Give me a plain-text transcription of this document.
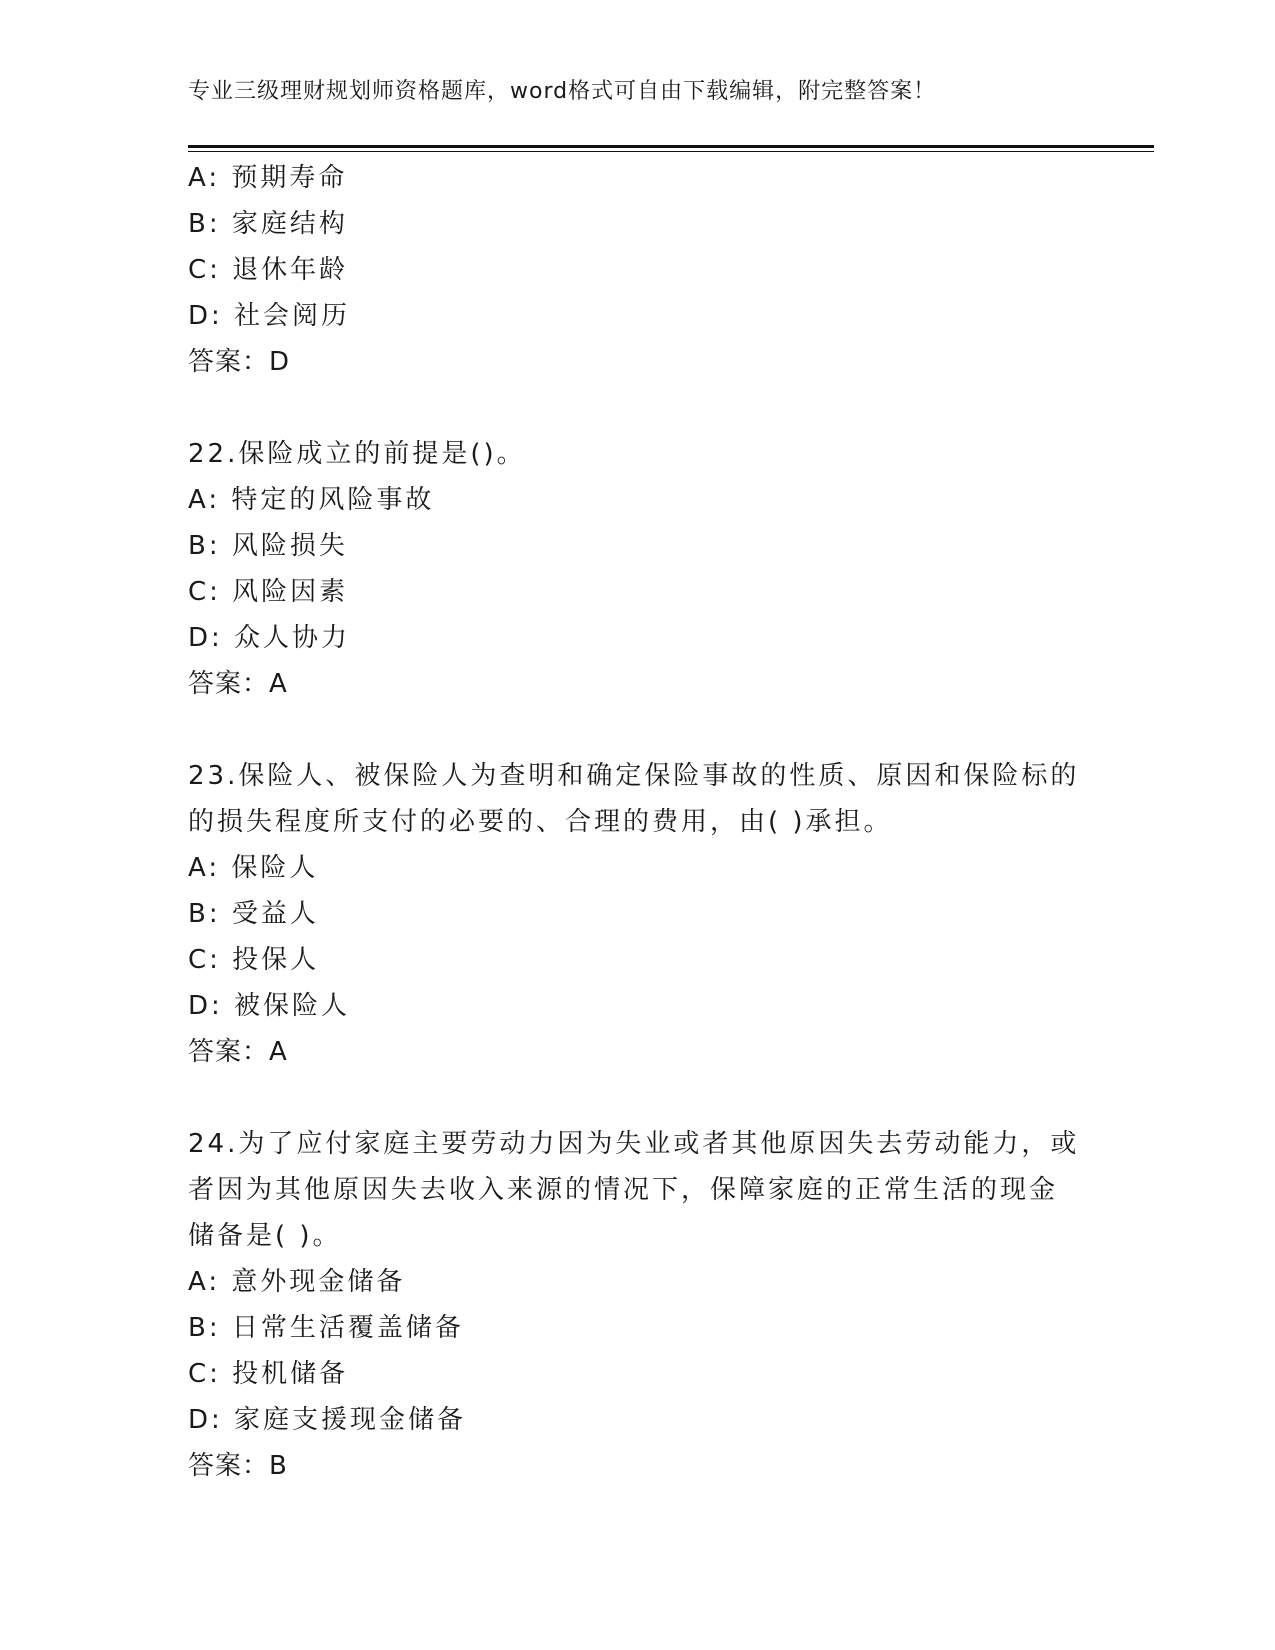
专业三级理财规划师资格题库，word格式可自由下载编辑，附完整答案！
A: 预期寿命
B: 家庭结构
C: 退休年龄
D: 社会阅历
答案：D
22.保险成立的前提是()。
A: 特定的风险事故
B: 风险损失
C: 风险因素
D: 众人协力
答案：A
23.保险人、被保险人为查明和确定保险事故的性质、原因和保险标的
的损失程度所支付的必要的、合理的费用，由( )承担。
A: 保险人
B: 受益人
C: 投保人
D: 被保险人
答案：A
24.为了应付家庭主要劳动力因为失业或者其他原因失去劳动能力，或
者因为其他原因失去收入来源的情况下，保障家庭的正常生活的现金
储备是( )。
A: 意外现金储备
B: 日常生活覆盖储备
C: 投机储备
D: 家庭支援现金储备
答案：B
